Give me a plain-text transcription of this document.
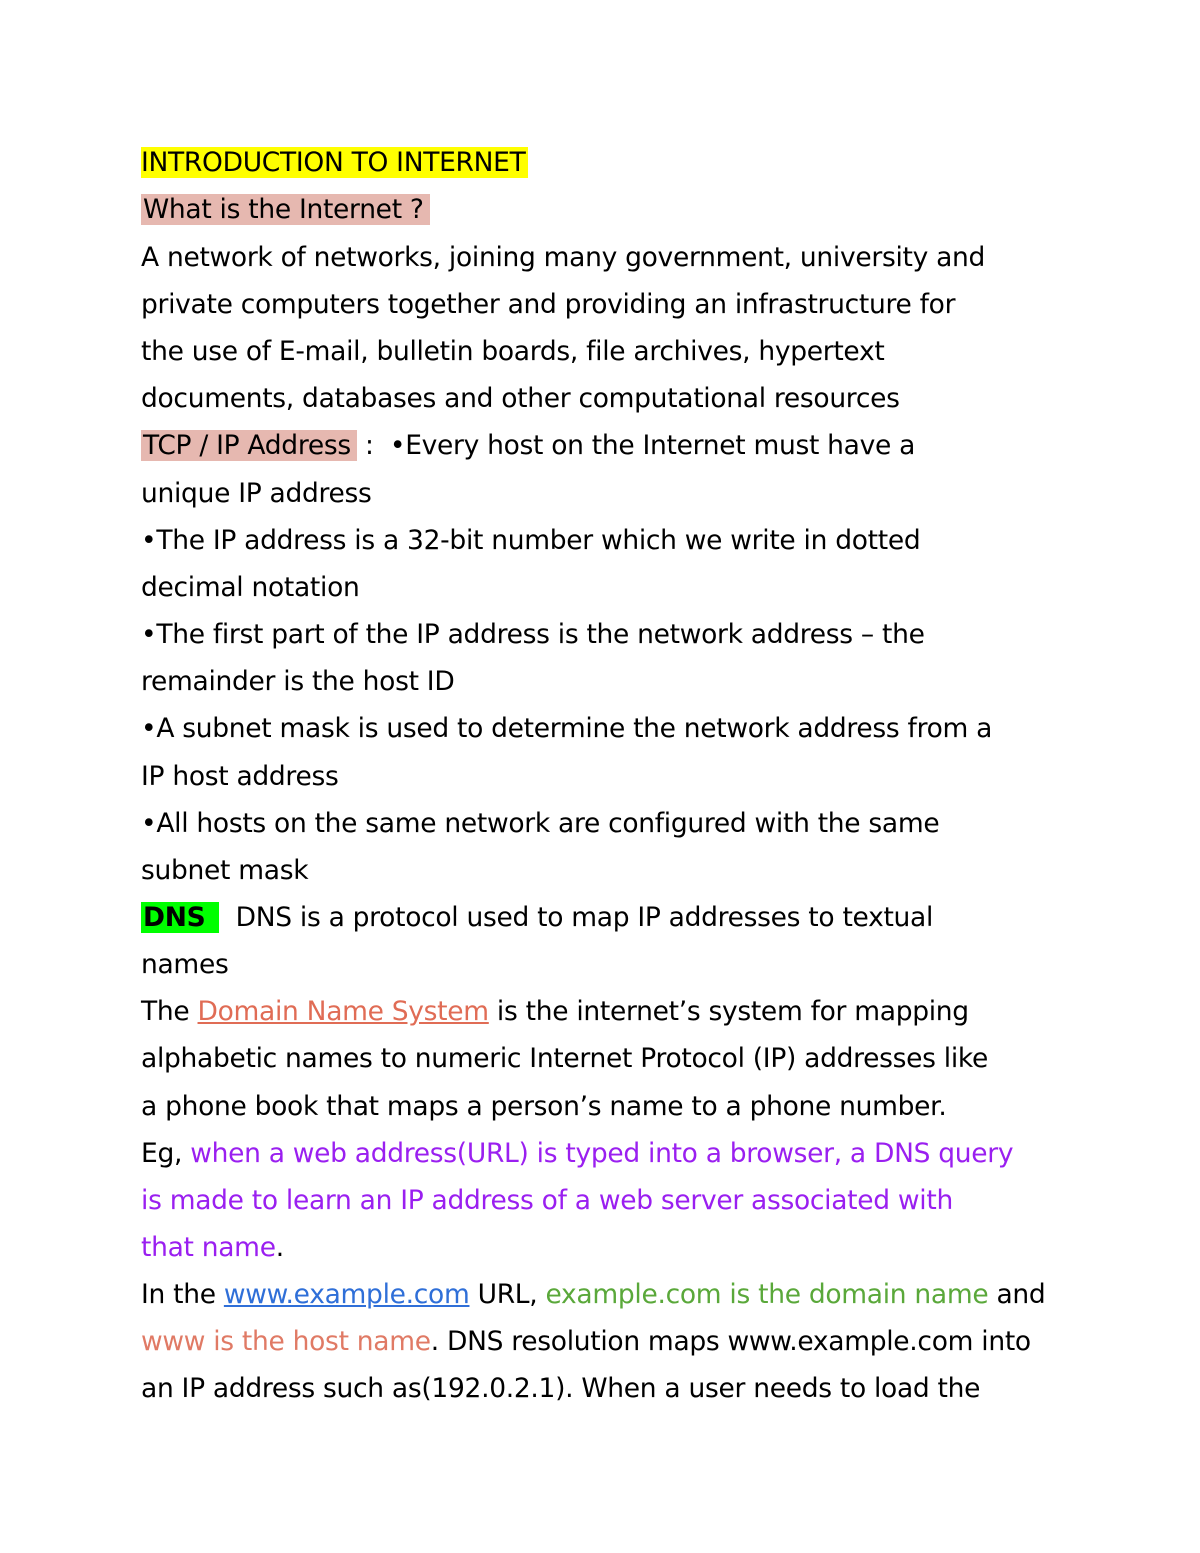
INTRODUCTION TO INTERNET
What is the Internet ?
A network of networks, joining many government, university and
private computers together and providing an infrastructure for
the use of E-mail, bulletin boards, file archives, hypertext
documents, databases and other computational resources
TCP / IP Address :  •Every host on the Internet must have a
unique IP address
•The IP address is a 32-bit number which we write in dotted
decimal notation
•The first part of the IP address is the network address – the
remainder is the host ID
•A subnet mask is used to determine the network address from a
IP host address
•All hosts on the same network are configured with the same
subnet mask
DNS  DNS is a protocol used to map IP addresses to textual
names
The Domain Name System is the internet’s system for mapping
alphabetic names to numeric Internet Protocol (IP) addresses like
a phone book that maps a person’s name to a phone number.
Eg, when a web address(URL) is typed into a browser, a DNS query
is made to learn an IP address of a web server associated with
that name.
In the www.example.com URL, example.com is the domain name and
www is the host name. DNS resolution maps www.example.com into
an IP address such as(192.0.2.1). When a user needs to load the
